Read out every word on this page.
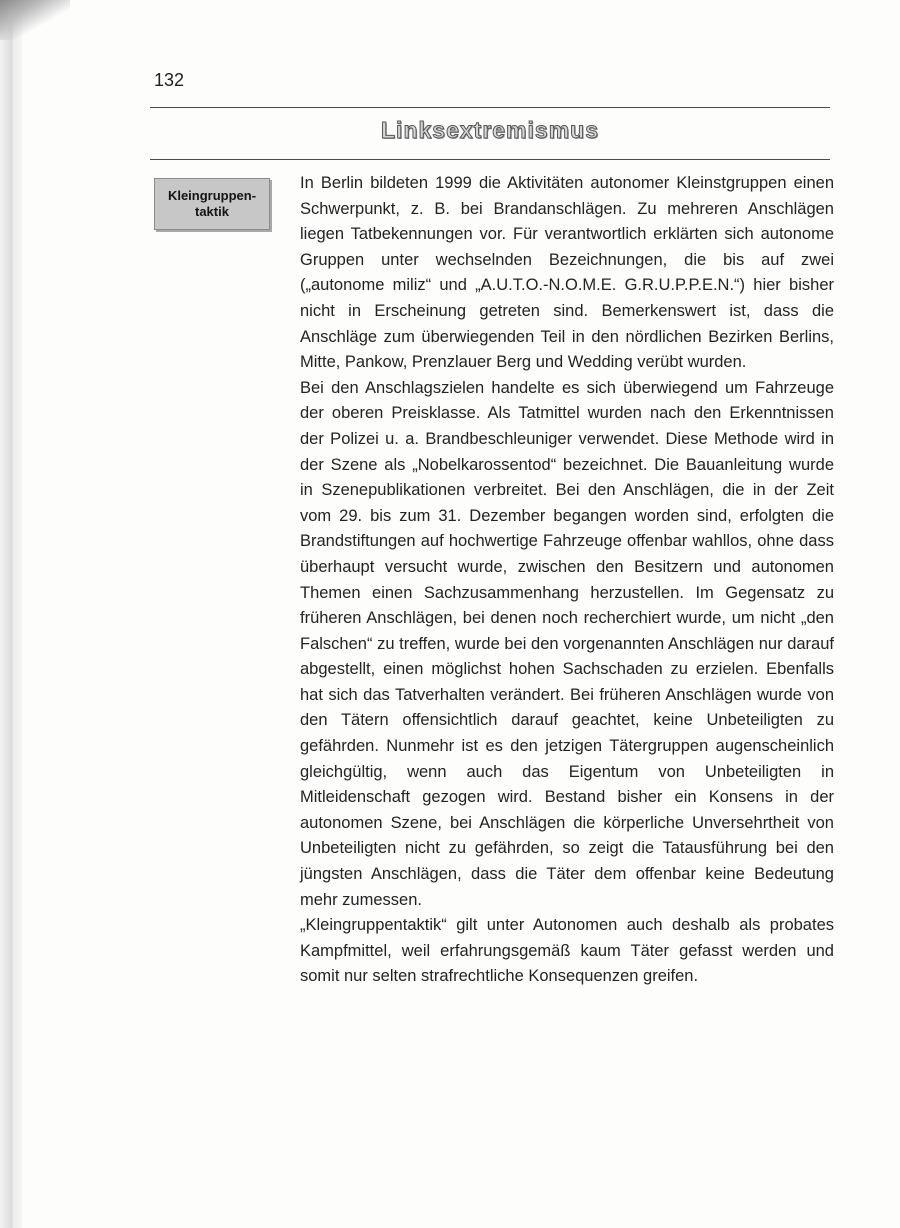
132
Linksextremismus
Kleingruppen-
taktik

In Berlin bildeten 1999 die Aktivitäten autonomer Kleinstgruppen einen Schwerpunkt, z. B. bei Brandanschlägen. Zu mehreren Anschlägen liegen Tatbekennungen vor. Für verantwortlich erklärten sich autonome Gruppen unter wechselnden Bezeichnungen, die bis auf zwei („autonome miliz“ und „A.U.T.O.-N.O.M.E. G.R.U.P.P.E.N.“) hier bisher nicht in Erscheinung getreten sind. Bemerkenswert ist, dass die Anschläge zum überwiegenden Teil in den nördlichen Bezirken Berlins, Mitte, Pankow, Prenzlauer Berg und Wedding verübt wurden.

Bei den Anschlagszielen handelte es sich überwiegend um Fahrzeuge der oberen Preisklasse. Als Tatmittel wurden nach den Erkenntnissen der Polizei u. a. Brandbeschleuniger verwendet. Diese Methode wird in der Szene als „Nobelkarossentod“ bezeichnet. Die Bauanleitung wurde in Szenepublikationen verbreitet. Bei den Anschlägen, die in der Zeit vom 29. bis zum 31. Dezember begangen worden sind, erfolgten die Brandstiftungen auf hochwertige Fahrzeuge offenbar wahllos, ohne dass überhaupt versucht wurde, zwischen den Besitzern und autonomen Themen einen Sachzusammenhang herzustellen. Im Gegensatz zu früheren Anschlägen, bei denen noch recherchiert wurde, um nicht „den Falschen“ zu treffen, wurde bei den vorgenannten Anschlägen nur darauf abgestellt, einen möglichst hohen Sachschaden zu erzielen. Ebenfalls hat sich das Tatverhalten verändert. Bei früheren Anschlägen wurde von den Tätern offensichtlich darauf geachtet, keine Unbeteiligten zu gefährden. Nunmehr ist es den jetzigen Tätergruppen augenscheinlich gleichgültig, wenn auch das Eigentum von Unbeteiligten in Mitleidenschaft gezogen wird. Bestand bisher ein Konsens in der autonomen Szene, bei Anschlägen die körperliche Unversehrtheit von Unbeteiligten nicht zu gefährden, so zeigt die Tatausführung bei den jüngsten Anschlägen, dass die Täter dem offenbar keine Bedeutung mehr zumessen.

„Kleingruppentaktik“ gilt unter Autonomen auch deshalb als probates Kampfmittel, weil erfahrungsgemäß kaum Täter gefasst werden und somit nur selten strafrechtliche Konsequenzen greifen.
